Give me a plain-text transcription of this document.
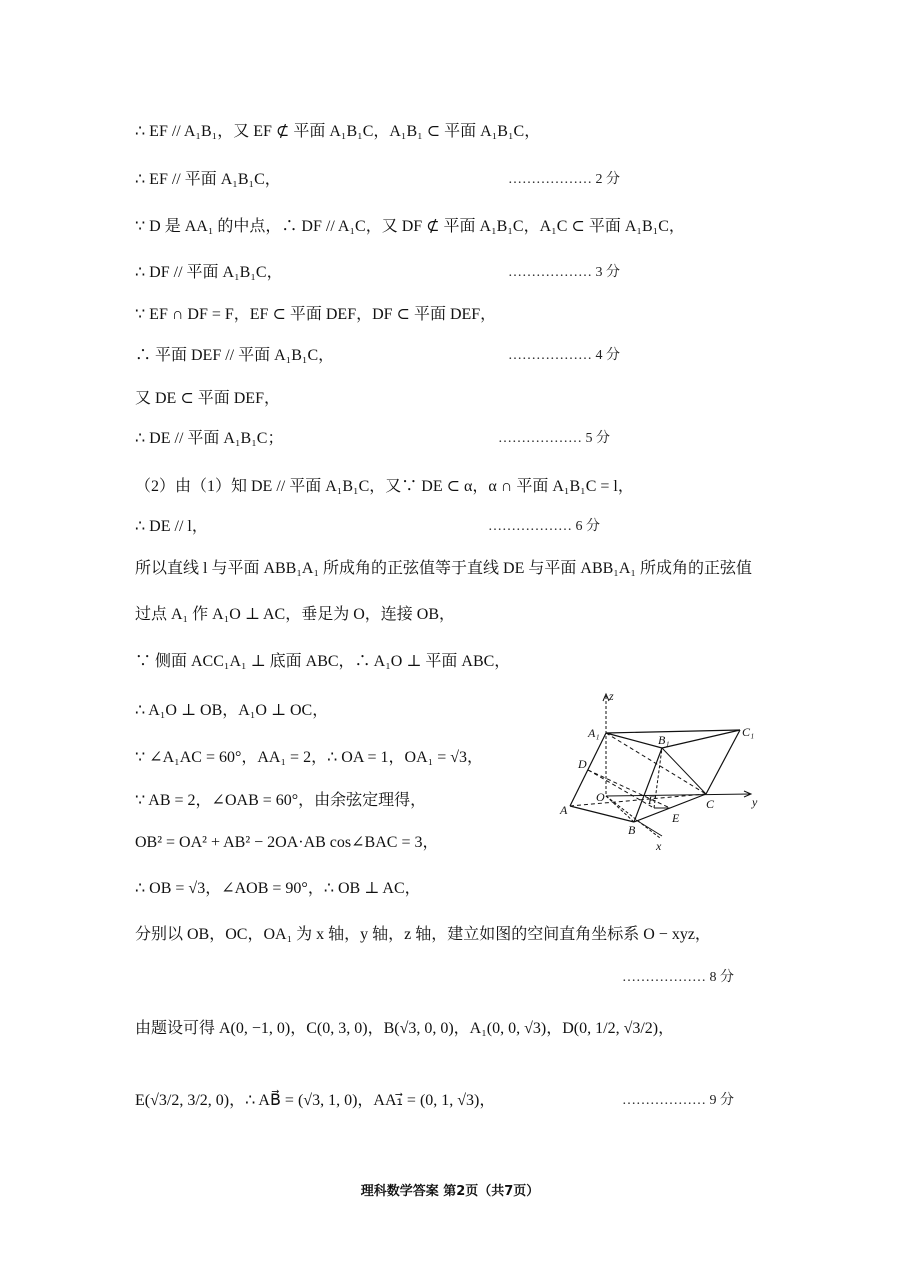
∴ EF // A₁B₁，又 EF ⊄ 平面 A₁B₁C，A₁B₁ ⊂ 平面 A₁B₁C，
∴ EF // 平面 A₁B₁C，	……………… 2 分
∵ D 是 AA₁ 的中点，∴ DF // A₁C，又 DF ⊄ 平面 A₁B₁C，A₁C ⊂ 平面 A₁B₁C，
∴ DF // 平面 A₁B₁C，	……………… 3 分
∵ EF ∩ DF = F，EF ⊂ 平面 DEF，DF ⊂ 平面 DEF，
∴ 平面 DEF // 平面 A₁B₁C，	……………… 4 分
又 DE ⊂ 平面 DEF，
∴ DE // 平面 A₁B₁C；	……………… 5 分
（2）由（1）知 DE // 平面 A₁B₁C，又∵ DE ⊂ α，α ∩ 平面 A₁B₁C = l，
∴ DE // l，	……………… 6 分
所以直线 l 与平面 ABB₁A₁ 所成角的正弦值等于直线 DE 与平面 ABB₁A₁ 所成角的正弦值
过点 A₁ 作 A₁O ⊥ AC，垂足为 O，连接 OB，
∵ 侧面 ACC₁A₁ ⊥ 底面 ABC，∴ A₁O ⊥ 平面 ABC，
∴ A₁O ⊥ OB，A₁O ⊥ OC，
∵ ∠A₁AC = 60°，AA₁ = 2，∴ OA = 1，OA₁ = √3，
∵ AB = 2，∠OAB = 60°，由余弦定理得，
OB² = OA² + AB² − 2OA·AB cos∠BAC = 3，
∴ OB = √3，∠AOB = 90°，∴ OB ⊥ AC，
分别以 OB，OC，OA₁ 为 x 轴，y 轴，z 轴，建立如图的空间直角坐标系 O − xyz，
……………… 8 分
由题设可得 A(0, −1, 0)，C(0, 3, 0)，B(√3, 0, 0)，A₁(0, 0, √3)，D(0, 1/2, √3/2)，
E(√3/2, 3/2, 0)，∴ AB⃗ = (√3, 1, 0)，AA₁⃗ = (0, 1, √3)，	……………… 9 分
z
y
x
A₁	C₁
B₁
D
O	F
A
B
E
C
理科数学答案 第2页（共7页）
